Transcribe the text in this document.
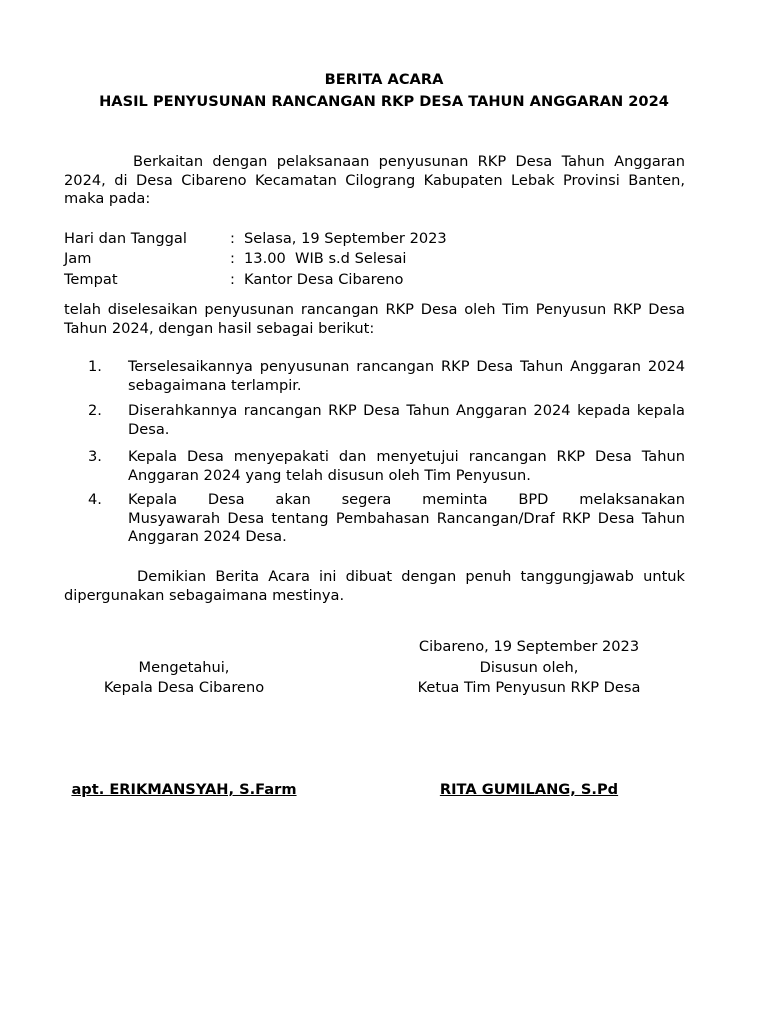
BERITA ACARA
HASIL PENYUSUNAN RANCANGAN RKP DESA TAHUN ANGGARAN 2024
Berkaitan dengan pelaksanaan penyusunan RKP Desa Tahun Anggaran 2024, di Desa Cibareno Kecamatan Cilograng Kabupaten Lebak Provinsi Banten, maka pada:
Hari dan Tanggal	: Selasa, 19 September 2023
Jam	: 13.00  WIB s.d Selesai
Tempat	: Kantor Desa Cibareno
telah diselesaikan penyusunan rancangan RKP Desa oleh Tim Penyusun RKP Desa Tahun 2024, dengan hasil sebagai berikut:
1. Terselesaikannya penyusunan rancangan RKP Desa Tahun Anggaran 2024 sebagaimana terlampir.
2. Diserahkannya rancangan RKP Desa Tahun Anggaran 2024 kepada kepala Desa.
3. Kepala Desa menyepakati dan menyetujui rancangan RKP Desa Tahun Anggaran 2024 yang telah disusun oleh Tim Penyusun.
4. Kepala Desa akan segera meminta BPD melaksanakan
Musyawarah Desa tentang Pembahasan Rancangan/Draf RKP Desa Tahun Anggaran 2024 Desa.
Demikian Berita Acara ini dibuat dengan penuh tanggungjawab untuk dipergunakan sebagaimana mestinya.
Cibareno, 19 September 2023
Mengetahui,	Disusun oleh,
Kepala Desa Cibareno	Ketua Tim Penyusun RKP Desa
apt. ERIKMANSYAH, S.Farm	RITA GUMILANG, S.Pd
